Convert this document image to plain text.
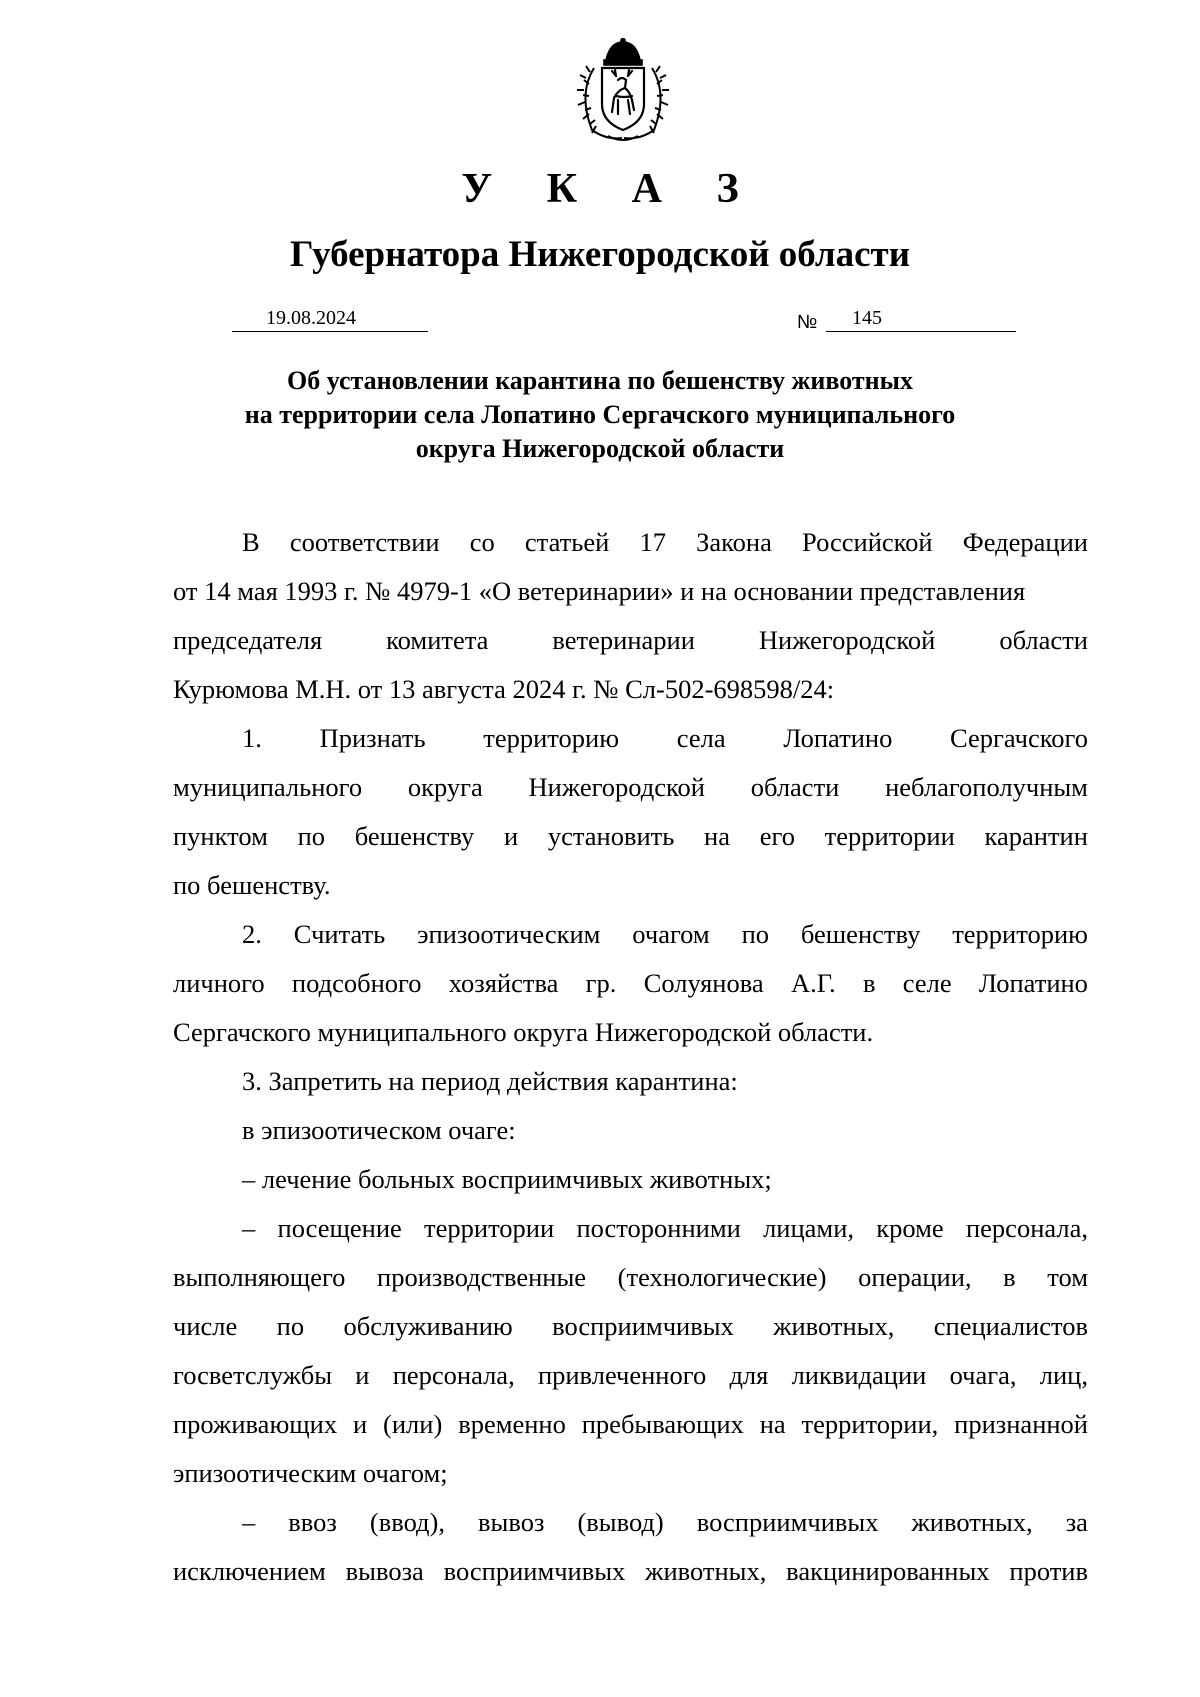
У К А З
Губернатора Нижегородской области
19.08.2024	№ 145
Об установлении карантина по бешенству животных
на территории села Лопатино Сергачского муниципального
округа Нижегородской области
В соответствии со статьей 17 Закона Российской Федерации
от 14 мая 1993 г. № 4979-1 «О ветеринарии» и на основании представления
председателя комитета ветеринарии Нижегородской области
Курюмова М.Н. от 13 августа 2024 г. № Сл-502-698598/24:
1. Признать территорию села Лопатино Сергачского
муниципального округа Нижегородской области неблагополучным
пунктом по бешенству и установить на его территории карантин
по бешенству.
2. Считать эпизоотическим очагом по бешенству территорию
личного подсобного хозяйства гр. Солуянова А.Г. в селе Лопатино
Сергачского муниципального округа Нижегородской области.
3. Запретить на период действия карантина:
в эпизоотическом очаге:
– лечение больных восприимчивых животных;
– посещение территории посторонними лицами, кроме персонала,
выполняющего производственные (технологические) операции, в том
числе по обслуживанию восприимчивых животных, специалистов
госветслужбы и персонала, привлеченного для ликвидации очага, лиц,
проживающих и (или) временно пребывающих на территории, признанной
эпизоотическим очагом;
– ввоз (ввод), вывоз (вывод) восприимчивых животных, за
исключением вывоза восприимчивых животных, вакцинированных против
